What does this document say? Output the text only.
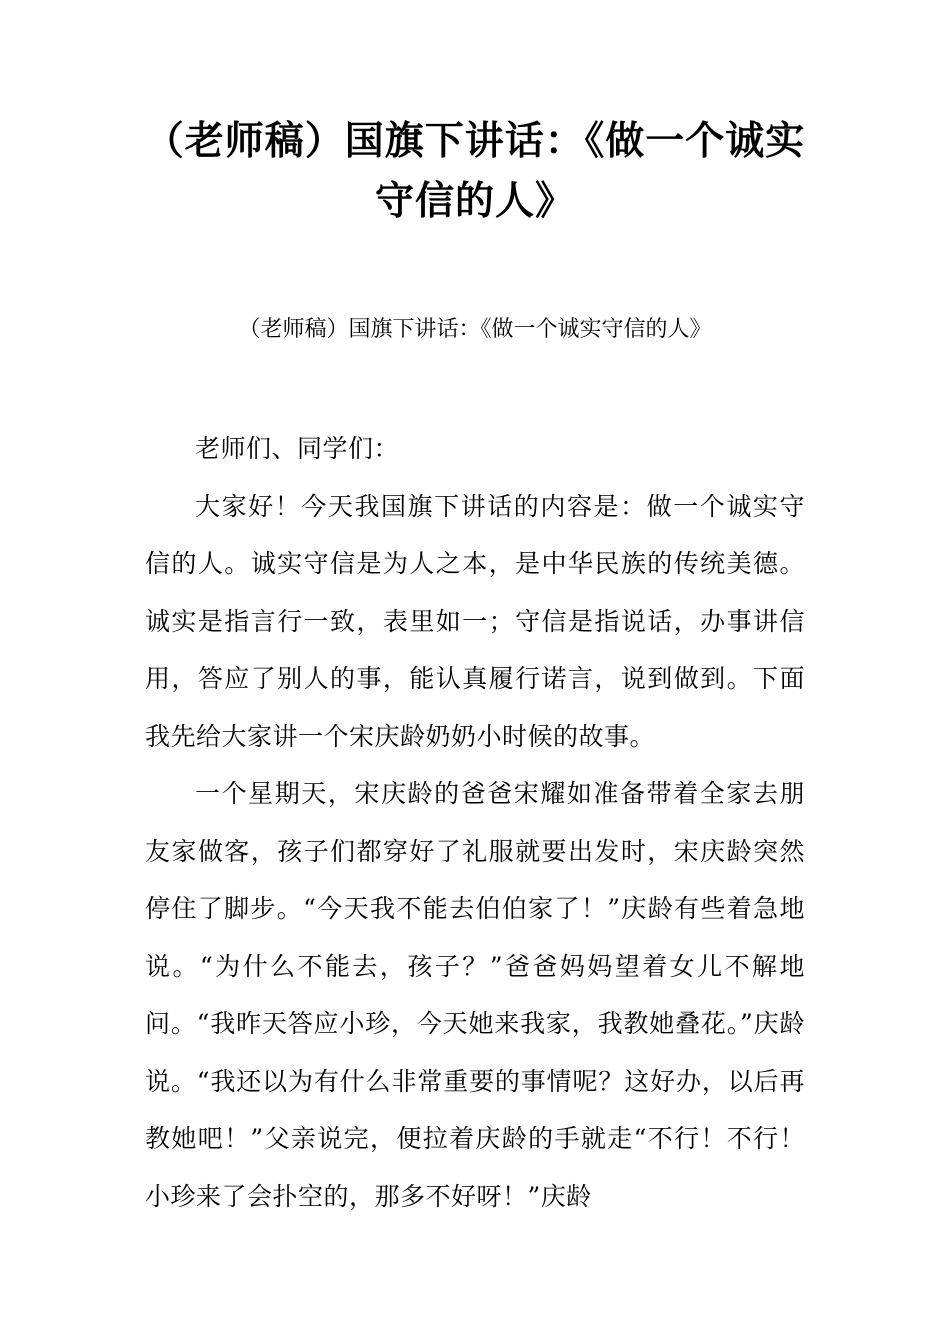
（老师稿）国旗下讲话：《做一个诚实守信的人》

（老师稿）国旗下讲话：《做一个诚实守信的人》

老师们、同学们：

大家好！今天我国旗下讲话的内容是：做一个诚实守信的人。诚实守信是为人之本，是中华民族的传统美德。诚实是指言行一致，表里如一；守信是指说话，办事讲信用，答应了别人的事，能认真履行诺言，说到做到。下面我先给大家讲一个宋庆龄奶奶小时候的故事。

一个星期天，宋庆龄的爸爸宋耀如准备带着全家去朋友家做客，孩子们都穿好了礼服就要出发时，宋庆龄突然停住了脚步。“今天我不能去伯伯家了！”庆龄有些着急地说。“为什么不能去，孩子？”爸爸妈妈望着女儿不解地问。“我昨天答应小珍，今天她来我家，我教她叠花。”庆龄说。“我还以为有什么非常重要的事情呢？这好办，以后再教她吧！”父亲说完，便拉着庆龄的手就走“不行！不行！小珍来了会扑空的，那多不好呀！”庆龄
